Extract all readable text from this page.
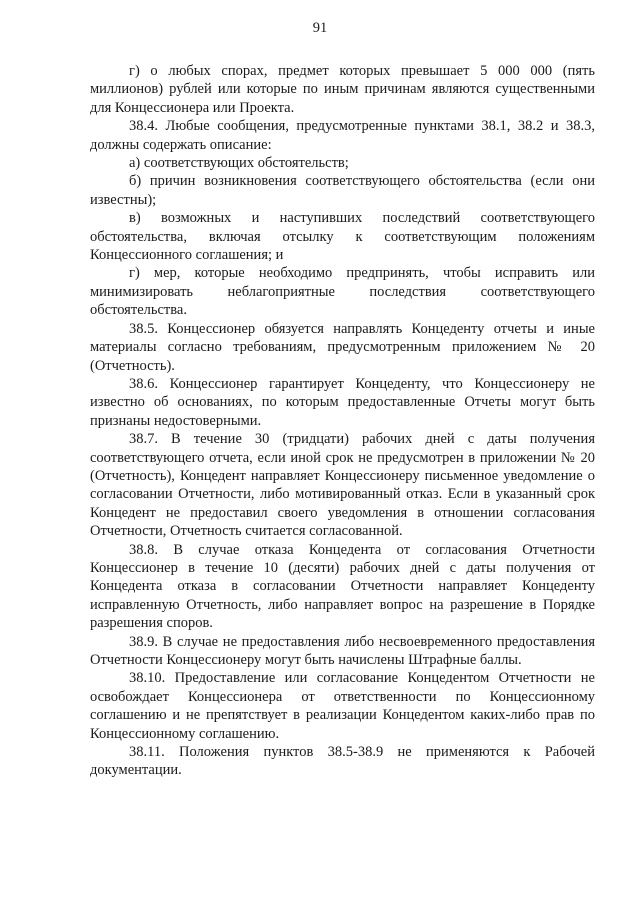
91

г) о любых спорах, предмет которых превышает 5 000 000 (пять миллионов) рублей или которые по иным причинам являются существенными для Концессионера или Проекта.

38.4. Любые сообщения, предусмотренные пунктами 38.1, 38.2 и 38.3, должны содержать описание:

а) соответствующих обстоятельств;

б) причин возникновения соответствующего обстоятельства (если они известны);

в) возможных и наступивших последствий соответствующего обстоятельства, включая отсылку к соответствующим положениям Концессионного соглашения; и

г) мер, которые необходимо предпринять, чтобы исправить или минимизировать неблагоприятные последствия соответствующего обстоятельства.

38.5. Концессионер обязуется направлять Концеденту отчеты и иные материалы согласно требованиям, предусмотренным приложением № 20 (Отчетность).

38.6. Концессионер гарантирует Концеденту, что Концессионеру не известно об основаниях, по которым предоставленные Отчеты могут быть признаны недостоверными.

38.7. В течение 30 (тридцати) рабочих дней с даты получения соответствующего отчета, если иной срок не предусмотрен в приложении № 20 (Отчетность), Концедент направляет Концессионеру письменное уведомление о согласовании Отчетности, либо мотивированный отказ. Если в указанный срок Концедент не предоставил своего уведомления в отношении согласования Отчетности, Отчетность считается согласованной.

38.8. В случае отказа Концедента от согласования Отчетности Концессионер в течение 10 (десяти) рабочих дней с даты получения от Концедента отказа в согласовании Отчетности направляет Концеденту исправленную Отчетность, либо направляет вопрос на разрешение в Порядке разрешения споров.

38.9. В случае не предоставления либо несвоевременного предоставления Отчетности Концессионеру могут быть начислены Штрафные баллы.

38.10. Предоставление или согласование Концедентом Отчетности не освобождает Концессионера от ответственности по Концессионному соглашению и не препятствует в реализации Концедентом каких-либо прав по Концессионному соглашению.

38.11. Положения пунктов 38.5-38.9 не применяются к Рабочей документации.
